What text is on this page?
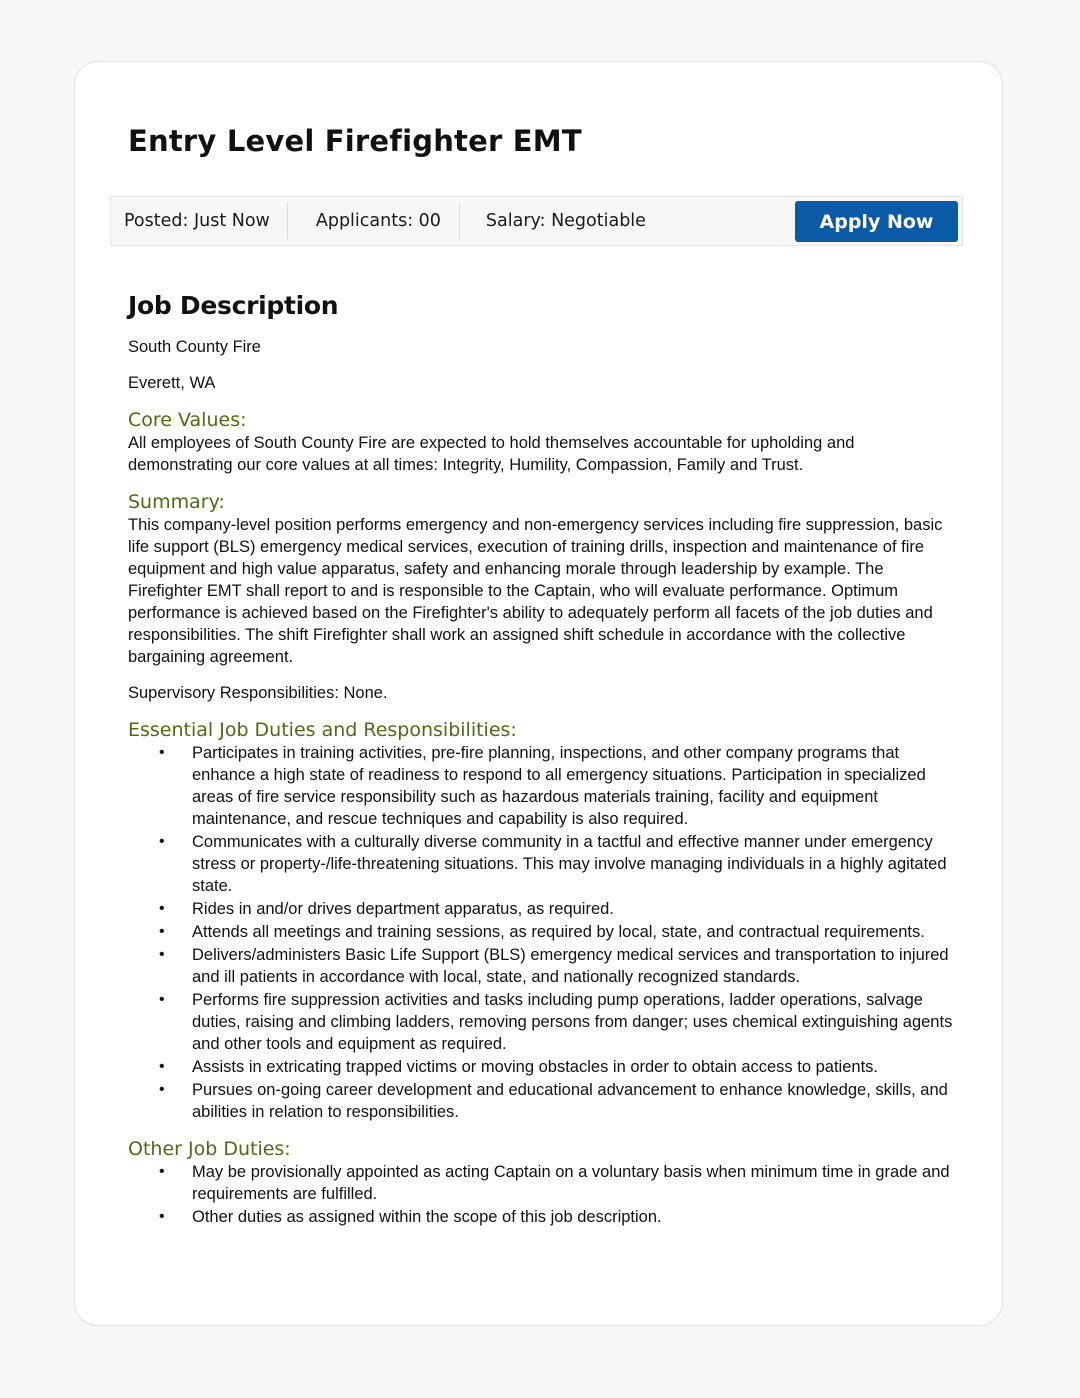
Entry Level Firefighter EMT
Posted: Just Now	Applicants: 00	Salary: Negotiable	Apply Now
Job Description

South County Fire

Everett, WA

Core Values:

All employees of South County Fire are expected to hold themselves accountable for upholding and demonstrating our core values at all times: Integrity, Humility, Compassion, Family and Trust.

Summary:

This company-level position performs emergency and non-emergency services including fire suppression, basic life support (BLS) emergency medical services, execution of training drills, inspection and maintenance of fire equipment and high value apparatus, safety and enhancing morale through leadership by example. The Firefighter EMT shall report to and is responsible to the Captain, who will evaluate performance. Optimum performance is achieved based on the Firefighter's ability to adequately perform all facets of the job duties and responsibilities. The shift Firefighter shall work an assigned shift schedule in accordance with the collective bargaining agreement.

Supervisory Responsibilities: None.

Essential Job Duties and Responsibilities:
• Participates in training activities, pre-fire planning, inspections, and other company programs that enhance a high state of readiness to respond to all emergency situations. Participation in specialized areas of fire service responsibility such as hazardous materials training, facility and equipment maintenance, and rescue techniques and capability is also required.
• Communicates with a culturally diverse community in a tactful and effective manner under emergency stress or property-/life-threatening situations. This may involve managing individuals in a highly agitated state.
• Rides in and/or drives department apparatus, as required.
• Attends all meetings and training sessions, as required by local, state, and contractual requirements.
• Delivers/administers Basic Life Support (BLS) emergency medical services and transportation to injured and ill patients in accordance with local, state, and nationally recognized standards.
• Performs fire suppression activities and tasks including pump operations, ladder operations, salvage duties, raising and climbing ladders, removing persons from danger; uses chemical extinguishing agents and other tools and equipment as required.
• Assists in extricating trapped victims or moving obstacles in order to obtain access to patients.
• Pursues on-going career development and educational advancement to enhance knowledge, skills, and abilities in relation to responsibilities.
Other Job Duties:
• May be provisionally appointed as acting Captain on a voluntary basis when minimum time in grade and requirements are fulfilled.
• Other duties as assigned within the scope of this job description.
